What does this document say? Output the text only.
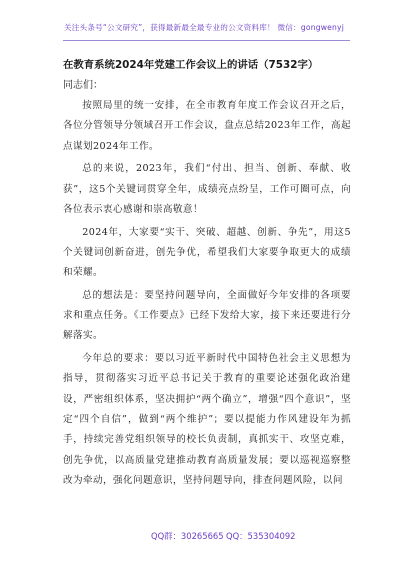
关注头条号“公文研究”，获得最新最全最专业的公文资料库！ 微信：gongwenyj
在教育系统2024年党建工作会议上的讲话（7532字）
同志们：

按照局里的统一安排，在全市教育年度工作会议召开之后，各位分管领导分领域召开工作会议，盘点总结2023年工作，高起点谋划2024年工作。

总的来说，2023年，我们“付出、担当、创新、奉献、收获”，这5个关键词贯穿全年，成绩亮点纷呈，工作可圈可点，向各位表示衷心感谢和崇高敬意！

2024年，大家要“实干、突破、超越、创新、争先”，用这5个关键词创新奋进，创先争优，希望我们大家要争取更大的成绩和荣耀。

总的想法是：要坚持问题导向，全面做好今年安排的各项要求和重点任务。《工作要点》已经下发给大家，接下来还要进行分解落实。

今年总的要求：要以习近平新时代中国特色社会主义思想为指导，贯彻落实习近平总书记关于教育的重要论述强化政治建设，严密组织体系，坚决拥护“两个确立”，增强“四个意识”，坚定“四个自信”，做到“两个维护”；要以提能力作风建设年为抓手，持续完善党组织领导的校长负责制，真抓实干、攻坚克难，创先争优，以高质量党建推动教育高质量发展；要以巡视巡察整改为牵动，强化问题意识，坚持问题导向，排查问题风险，以问

QQ群：30265665 QQ：535304092
